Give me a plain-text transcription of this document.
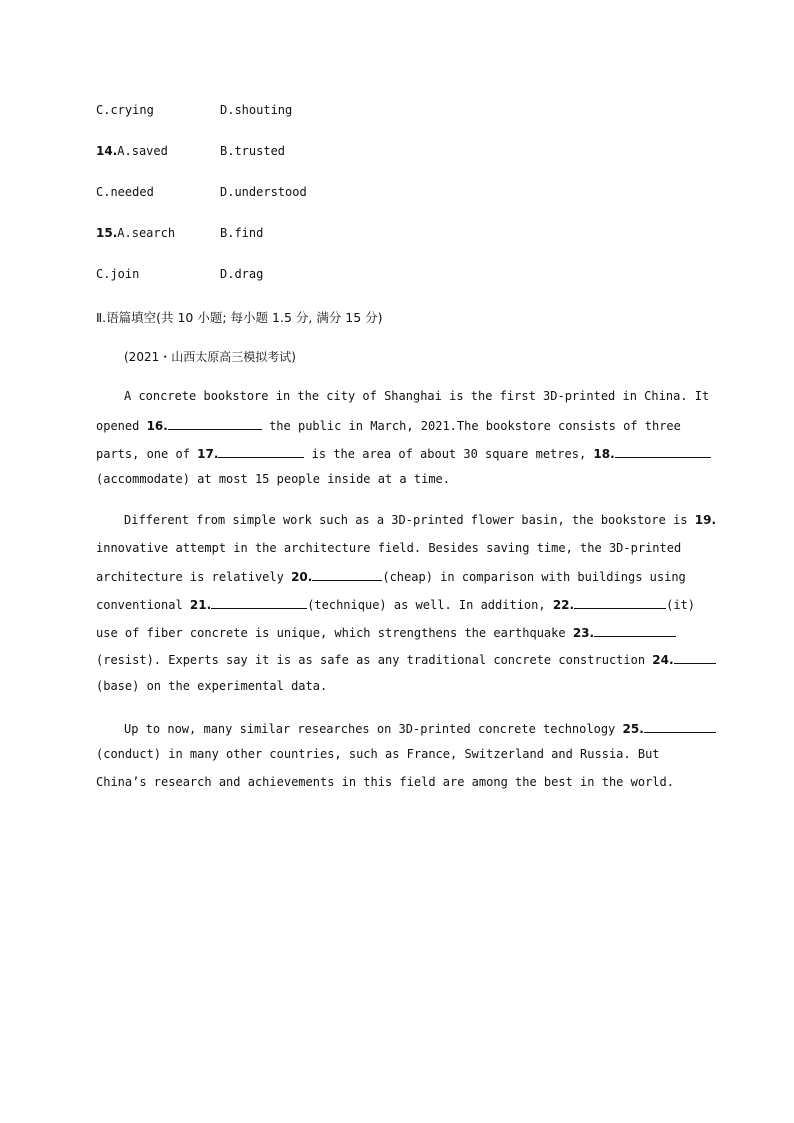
C.crying	D.shouting
14.A.saved	B.trusted
C.needed	D.understood
15.A.search	B.find
C.join	D.drag
Ⅱ.语篇填空(共 10 小题; 每小题 1.5 分, 满分 15 分)
(2021・山西太原高三模拟考试)
A concrete bookstore in the city of Shanghai is the first 3D-printed in China. It
opened 16.	the public in March, 2021.The bookstore consists of three
parts, one of 17.	is the area of about 30 square metres, 18.
(accommodate) at most 15 people inside at a time.
Different from simple work such as a 3D-printed flower basin, the bookstore is 19.
innovative attempt in the architecture field. Besides saving time, the 3D-printed
architecture is relatively 20.	(cheap) in comparison with buildings using
conventional 21.	(technique) as well. In addition, 22.	(it)
use of fiber concrete is unique, which strengthens the earthquake 23.
(resist). Experts say it is as safe as any traditional concrete construction 24.
(base) on the experimental data.
Up to now, many similar researches on 3D-printed concrete technology 25.
(conduct) in many other countries, such as France, Switzerland and Russia. But
China’s research and achievements in this field are among the best in the world.
